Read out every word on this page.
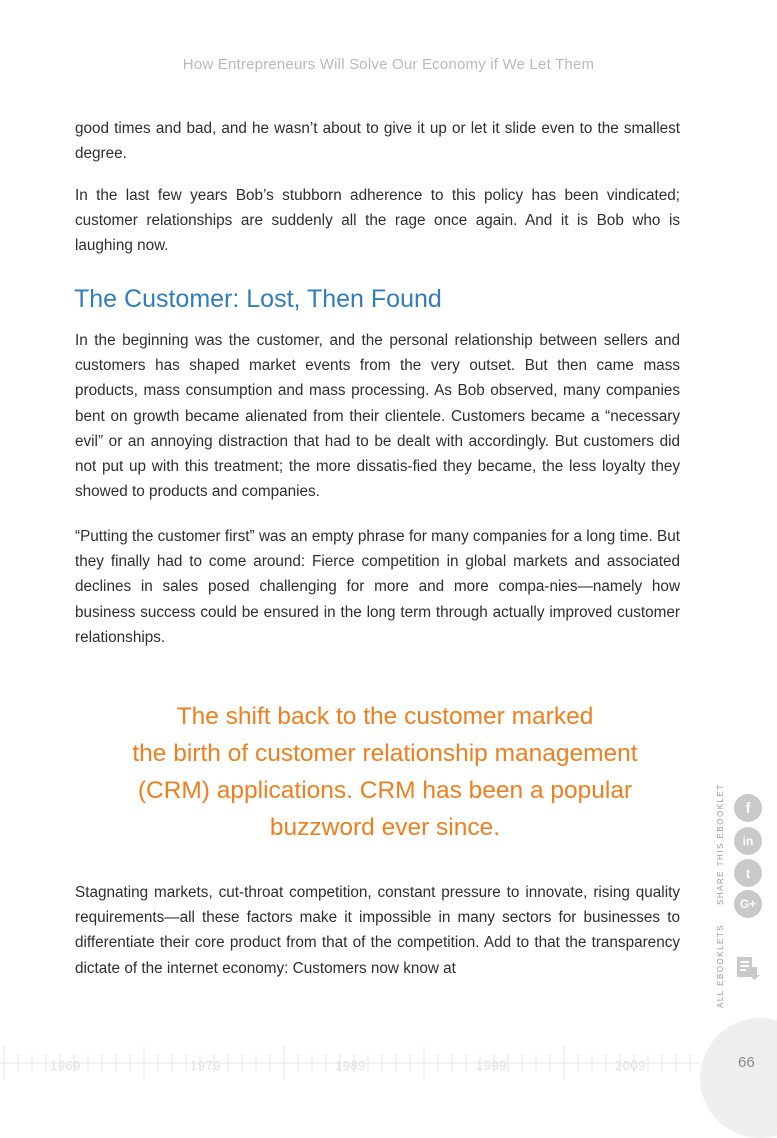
How Entrepreneurs Will Solve Our Economy if We Let Them

good times and bad, and he wasn’t about to give it up or let it slide even to the smallest degree.

In the last few years Bob’s stubborn adherence to this policy has been vindicated; customer relationships are suddenly all the rage once again. And it is Bob who is laughing now.

The Customer: Lost, Then Found

In the beginning was the customer, and the personal relationship between sellers and customers has shaped market events from the very outset. But then came mass products, mass consumption and mass processing. As Bob observed, many companies bent on growth became alienated from their clientele. Customers became a “necessary evil” or an annoying distraction that had to be dealt with accordingly. But customers did not put up with this treatment; the more dissatis-fied they became, the less loyalty they showed to products and companies.

“Putting the customer first” was an empty phrase for many companies for a long time. But they finally had to come around: Fierce competition in global markets and associated declines in sales posed challenging for more and more compa-nies—namely how business success could be ensured in the long term through actually improved customer relationships.

The shift back to the customer marked
the birth of customer relationship management
(CRM) applications. CRM has been a popular
buzzword ever since.

Stagnating markets, cut-throat competition, constant pressure to innovate, rising quality requirements—all these factors make it impossible in many sectors for businesses to differentiate their core product from that of the competition. Add to that the transparency dictate of the internet economy: Customers now know at

SHARE THIS EBOOKLET	f
in
t
G+
ALL EBOOKLETS
1969	1979	1989	1999	2009	66
